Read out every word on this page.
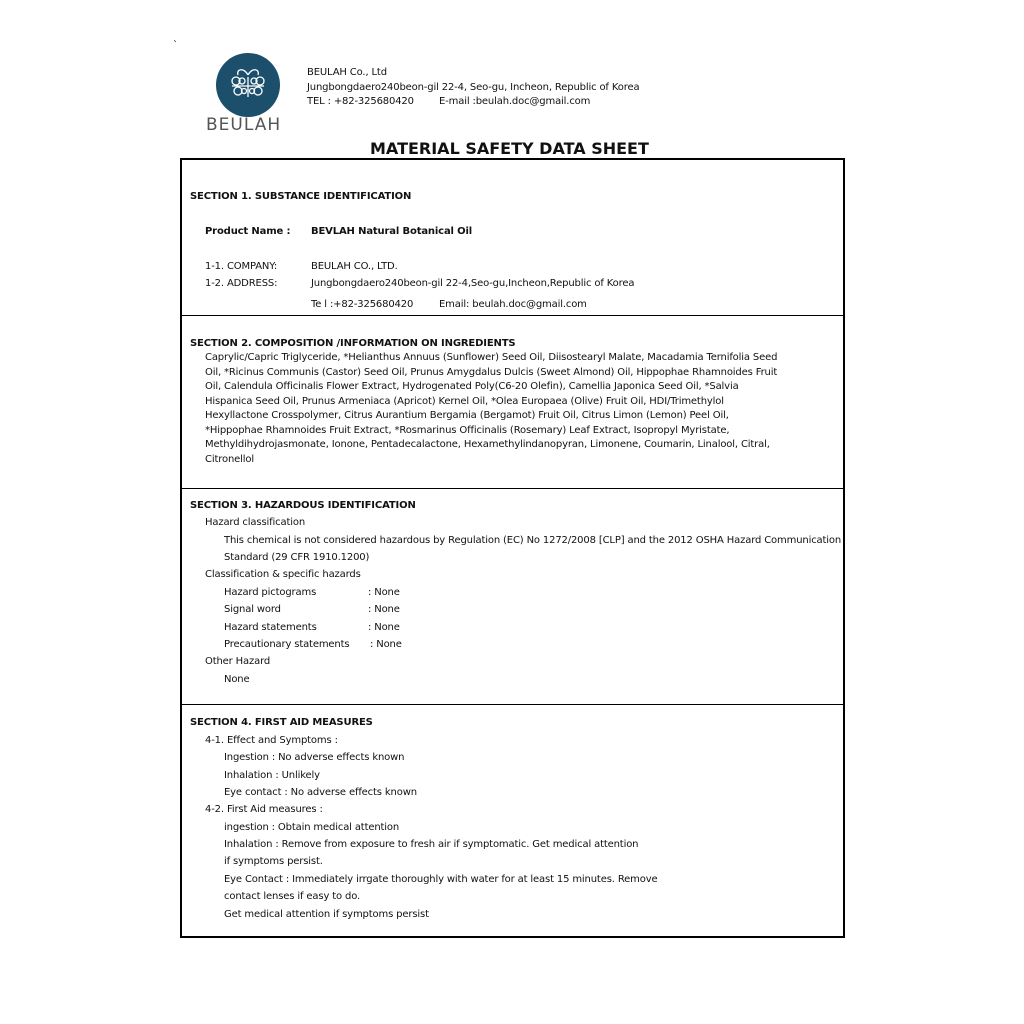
BEULAH
`
BEULAH Co., Ltd
Jungbongdaero240beon-gil 22-4, Seo-gu, Incheon, Republic of Korea
TEL : +82-325680420	E-mail :beulah.doc@gmail.com
MATERIAL SAFETY DATA SHEET
SECTION 1. SUBSTANCE IDENTIFICATION
Product Name : BEVLAH Natural Botanical Oil
1-1. COMPANY:	BEULAH CO., LTD.
1-2. ADDRESS:	Jungbongdaero240beon-gil 22-4,Seo-gu,Incheon,Republic of Korea
Te l :+82-325680420	Email: beulah.doc@gmail.com
SECTION 2. COMPOSITION /INFORMATION ON INGREDIENTS
Caprylic/Capric Triglyceride, *Helianthus Annuus (Sunflower) Seed Oil, Diisostearyl Malate, Macadamia Ternifolia Seed
Oil, *Ricinus Communis (Castor) Seed Oil, Prunus Amygdalus Dulcis (Sweet Almond) Oil, Hippophae Rhamnoides Fruit
Oil, Calendula Officinalis Flower Extract, Hydrogenated Poly(C6-20 Olefin), Camellia Japonica Seed Oil, *Salvia
Hispanica Seed Oil, Prunus Armeniaca (Apricot) Kernel Oil, *Olea Europaea (Olive) Fruit Oil, HDI/Trimethylol
Hexyllactone Crosspolymer, Citrus Aurantium Bergamia (Bergamot) Fruit Oil, Citrus Limon (Lemon) Peel Oil,
*Hippophae Rhamnoides Fruit Extract, *Rosmarinus Officinalis (Rosemary) Leaf Extract, Isopropyl Myristate,
Methyldihydrojasmonate, Ionone, Pentadecalactone, Hexamethylindanopyran, Limonene, Coumarin, Linalool, Citral,
Citronellol
SECTION 3. HAZARDOUS IDENTIFICATION
Hazard classification
This chemical is not considered hazardous by Regulation (EC) No 1272/2008 [CLP] and the 2012 OSHA Hazard Communication
Standard (29 CFR 1910.1200)
Classification & specific hazards
Hazard pictograms	: None
Signal word	: None
Hazard statements	: None
Precautionary statements : None
Other Hazard
None
SECTION 4. FIRST AID MEASURES
4-1. Effect and Symptoms :
Ingestion : No adverse effects known
Inhalation : Unlikely
Eye contact : No adverse effects known
4-2. First Aid measures :
ingestion : Obtain medical attention
Inhalation : Remove from exposure to fresh air if symptomatic. Get medical attention
if symptoms persist.
Eye Contact : Immediately irrgate thoroughly with water for at least 15 minutes. Remove
contact lenses if easy to do.
Get medical attention if symptoms persist
